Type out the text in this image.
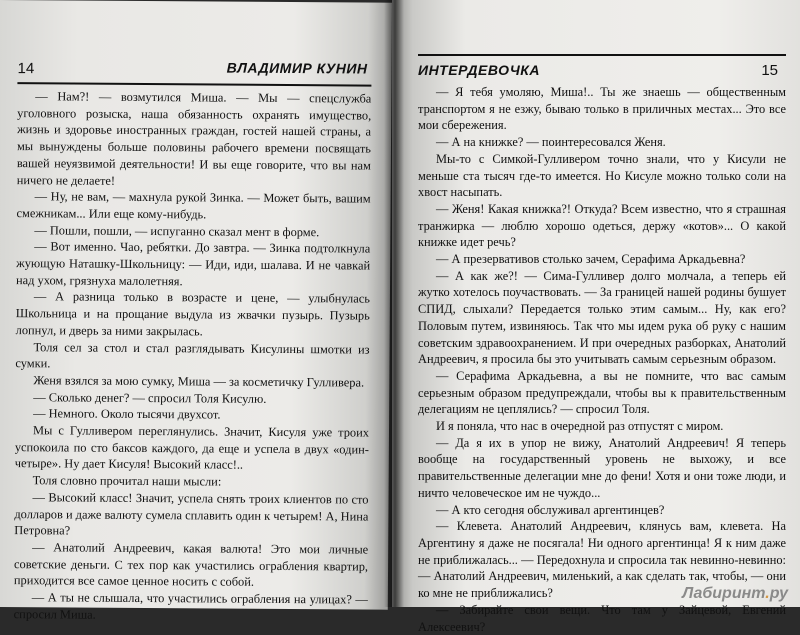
14	ВЛАДИМИР КУНИН

— Нам?! — возмутился Миша. — Мы — спецслужба уголовного розыска, наша обязанность охранять имущество, жизнь и здоровье иностранных граждан, гостей нашей страны, а мы вынуждены больше половины рабочего времени посвящать вашей неуязвимой деятельности! И вы еще говорите, что вы нам ничего не делаете!

— Ну, не вам, — махнула рукой Зинка. — Может быть, вашим смежникам... Или еще кому-нибудь.

— Пошли, пошли, — испуганно сказал мент в форме.

— Вот именно. Чао, ребятки. До завтра. — Зинка подтолкнула жующую Наташку-Школьницу: — Иди, иди, шалава. И не чавкай над ухом, грязнуха малолетняя.

— А разница только в возрасте и цене, — улыбнулась Школьница и на прощание выдула из жвачки пузырь. Пузырь лопнул, и дверь за ними закрылась.

Толя сел за стол и стал разглядывать Кисулины шмотки из сумки.

Женя взялся за мою сумку, Миша — за косметичку Гулливера.

— Сколько денег? — спросил Толя Кисулю.

— Немного. Около тысячи двухсот.

Мы с Гулливером переглянулись. Значит, Кисуля уже троих успокоила по сто баксов каждого, да еще и успела в двух «один-четыре». Ну дает Кисуля! Высокий класс!..

Толя словно прочитал наши мысли:

— Высокий класс! Значит, успела снять троих клиентов по сто долларов и даже валюту сумела сплавить один к четырем! А, Нина Петровна?

— Анатолий Андреевич, какая валюта! Это мои личные советские деньги. С тех пор как участились ограбления квартир, приходится все самое ценное носить с собой.

— А ты не слышала, что участились ограбления на улицах? — спросил Миша.

ИНТЕРДЕВОЧКА	15

— Я тебя умоляю, Миша!.. Ты же знаешь — общественным транспортом я не езжу, бываю только в приличных местах... Это все мои сбережения.

— А на книжке? — поинтересовался Женя.

Мы-то с Симкой-Гулливером точно знали, что у Кисули не меньше ста тысяч где-то имеется. Но Кисуле можно только соли на хвост насыпать.

— Женя! Какая книжка?! Откуда? Всем известно, что я страшная транжирка — люблю хорошо одеться, держу «котов»... О какой книжке идет речь?

— А презервативов столько зачем, Серафима Аркадьевна?

— А как же?! — Сима-Гулливер долго молчала, а теперь ей жутко хотелось поучаствовать. — За границей нашей родины бушует СПИД, слыхали? Передается только этим самым... Ну, как его? Половым путем, извиняюсь. Так что мы идем рука об руку с нашим советским здравоохранением. И при очередных разборках, Анатолий Андреевич, я просила бы это учитывать самым серьезным образом.

— Серафима Аркадьевна, а вы не помните, что вас самым серьезным образом предупреждали, чтобы вы к правительственным делегациям не цеплялись? — спросил Толя.

И я поняла, что нас в очередной раз отпустят с миром.

— Да я их в упор не вижу, Анатолий Андреевич! Я теперь вообще на государственный уровень не выхожу, и все правительственные делегации мне до фени! Хотя и они тоже люди, и ничто человеческое им не чуждо...

— А кто сегодня обслуживал аргентинцев?

— Клевета. Анатолий Андреевич, клянусь вам, клевета. На Аргентину я даже не посягала! Ни одного аргентинца! Я к ним даже не приближалась... — Передохнула и спросила так невинно-невинно: — Анатолий Андреевич, миленький, а как сделать так, чтобы, — они ко мне не приближались?

— Забирайте свои вещи. Что там у Зайцевой, Евгений Алексеевич?

Лабиринт.ру
